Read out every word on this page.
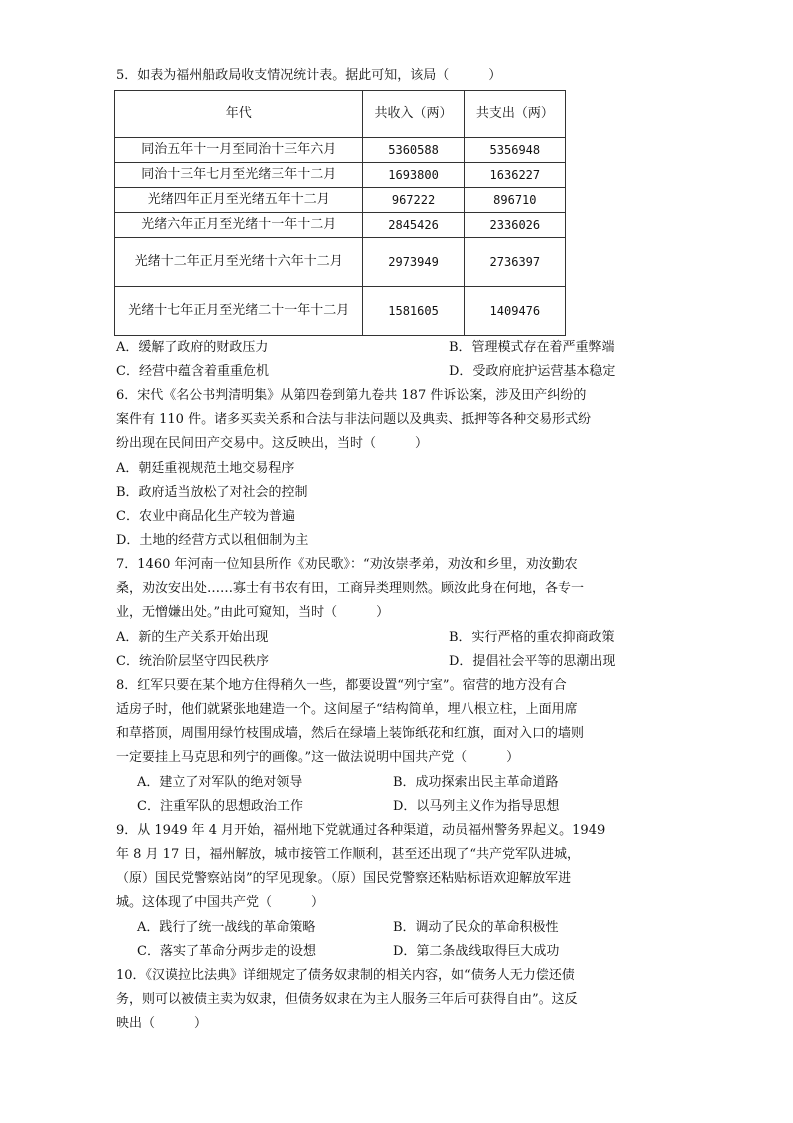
5．如表为福州船政局收支情况统计表。据此可知，该局（　　　）
年代	共收入（两）	共支出（两）
同治五年十一月至同治十三年六月	5360588	5356948
同治十三年七月至光绪三年十二月	1693800	1636227
光绪四年正月至光绪五年十二月	967222	896710
光绪六年正月至光绪十一年十二月	2845426	2336026
光绪十二年正月至光绪十六年十二月	2973949	2736397
光绪十七年正月至光绪二十一年十二月	1581605	1409476
A．缓解了政府的财政压力	B．管理模式存在着严重弊端
C．经营中蕴含着重重危机	D．受政府庇护运营基本稳定
6．宋代《名公书判清明集》从第四卷到第九卷共 187 件诉讼案，涉及田产纠纷的
案件有 110 件。诸多买卖关系和合法与非法问题以及典卖、抵押等各种交易形式纷
纷出现在民间田产交易中。这反映出，当时（　　　）
A．朝廷重视规范土地交易程序
B．政府适当放松了对社会的控制
C．农业中商品化生产较为普遍
D．土地的经营方式以租佃制为主
7．1460 年河南一位知县所作《劝民歌》：“劝汝崇孝弟，劝汝和乡里，劝汝勤农
桑，劝汝安出处……寡士有书农有田，工商异类理则然。顾汝此身在何地，各专一
业，无憎嫌出处。”由此可窥知，当时（　　　）
A．新的生产关系开始出现	B．实行严格的重农抑商政策
C．统治阶层坚守四民秩序	D．提倡社会平等的思潮出现
8．红军只要在某个地方住得稍久一些，都要设置“列宁室”。宿营的地方没有合
适房子时，他们就紧张地建造一个。这间屋子“结构简单，埋八根立柱，上面用席
和草搭顶，周围用绿竹枝围成墙，然后在绿墙上装饰纸花和红旗，面对入口的墙则
一定要挂上马克思和列宁的画像。”这一做法说明中国共产党（　　　）
A．建立了对军队的绝对领导	B．成功探索出民主革命道路
C．注重军队的思想政治工作	D．以马列主义作为指导思想
9．从 1949 年 4 月开始，福州地下党就通过各种渠道，动员福州警务界起义。1949
年 8 月 17 日，福州解放，城市接管工作顺利，甚至还出现了“共产党军队进城，
（原）国民党警察站岗”的罕见现象。（原）国民党警察还粘贴标语欢迎解放军进
城。这体现了中国共产党（　　　）
A．践行了统一战线的革命策略	B．调动了民众的革命积极性
C．落实了革命分两步走的设想	D．第二条战线取得巨大成功
10．《汉谟拉比法典》详细规定了债务奴隶制的相关内容，如“债务人无力偿还债
务，则可以被债主卖为奴隶，但债务奴隶在为主人服务三年后可获得自由”。这反
映出（　　　）
